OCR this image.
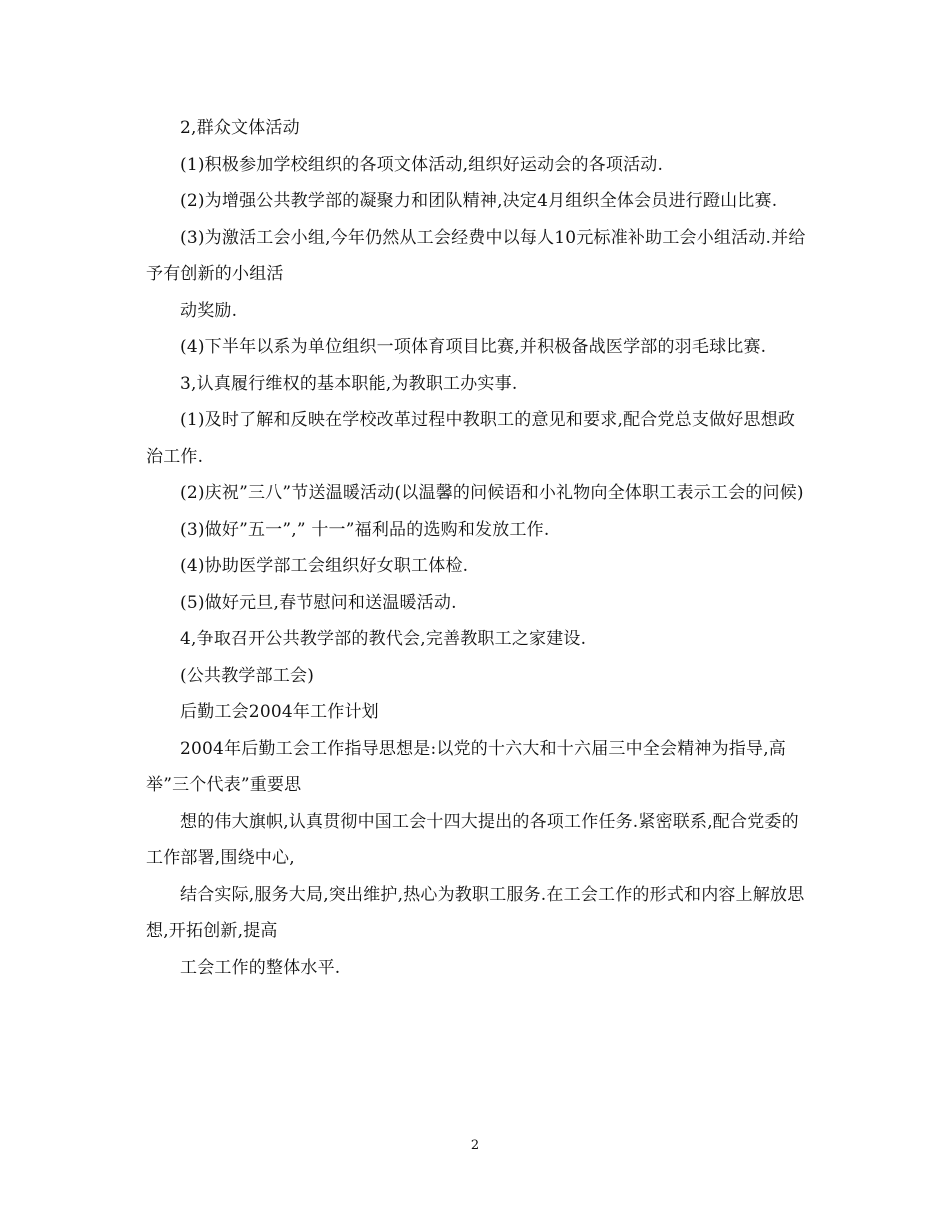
2,群众文体活动

(1)积极参加学校组织的各项文体活动,组织好运动会的各项活动.

(2)为增强公共教学部的凝聚力和团队精神,决定4月组织全体会员进行蹬山比赛.

(3)为激活工会小组,今年仍然从工会经费中以每人10元标准补助工会小组活动.并给予有创新的小组活

动奖励.

(4)下半年以系为单位组织一项体育项目比赛,并积极备战医学部的羽毛球比赛.

3,认真履行维权的基本职能,为教职工办实事.

(1)及时了解和反映在学校改革过程中教职工的意见和要求,配合党总支做好思想政治工作.

(2)庆祝”三八”节送温暖活动(以温馨的问候语和小礼物向全体职工表示工会的问候)

(3)做好”五一”,” 十一”福利品的选购和发放工作.

(4)协助医学部工会组织好女职工体检.

(5)做好元旦,春节慰问和送温暖活动.

4,争取召开公共教学部的教代会,完善教职工之家建设.

(公共教学部工会)

后勤工会2004年工作计划

2004年后勤工会工作指导思想是:以党的十六大和十六届三中全会精神为指导,高举”三个代表”重要思

想的伟大旗帜,认真贯彻中国工会十四大提出的各项工作任务.紧密联系,配合党委的工作部署,围绕中心,

结合实际,服务大局,突出维护,热心为教职工服务.在工会工作的形式和内容上解放思想,开拓创新,提高

工会工作的整体水平.

2
